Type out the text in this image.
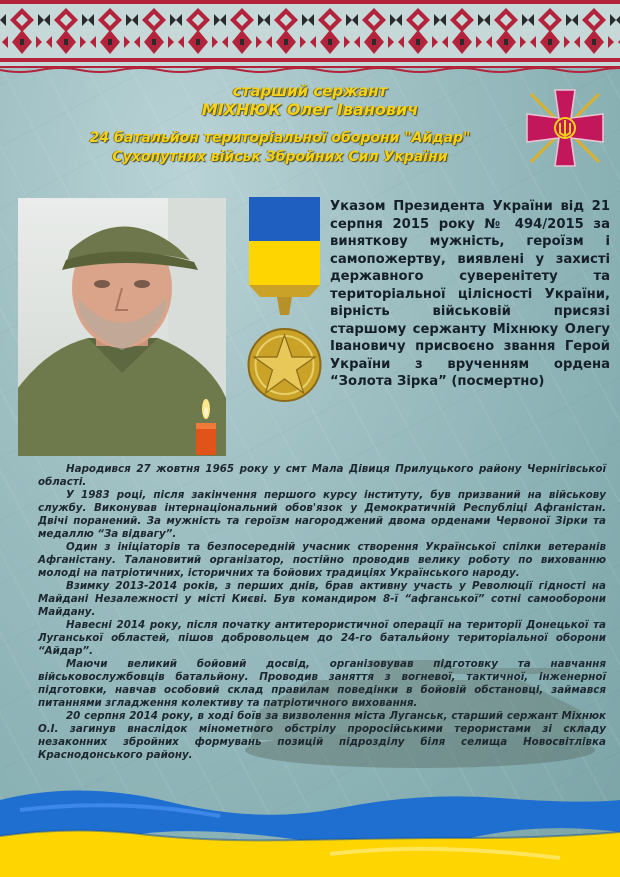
старший сержант
МІХНЮК Олег Іванович
24 батальйон територіальної оборони "Айдар"
Сухопутних військ Збройних Сил України
Указом Президента України від 21 серпня 2015 року № 494/2015 за виняткову мужність, героїзм і самопожертву, виявлені у захисті державного суверенітету та територіальної цілісності України, вірність військовій присязі старшому сержанту Міхнюку Олегу Івановичу присвоєно звання Герой України з врученням ордена “Золота Зірка” (посмертно)

Народився 27 жовтня 1965 року у смт Мала Дівиця Прилуцького району Чернігівської області.

У 1983 році, після закінчення першого курсу інституту, був призваний на військову службу. Виконував інтернаціональний обов'язок у Демократичній Республіці Афганістан. Двічі поранений. За мужність та героїзм нагороджений двома орденами Червоної Зірки та медаллю “За відвагу”.

Один з ініціаторів та безпосередній учасник створення Української спілки ветеранів Афганістану. Талановитий організатор, постійно проводив велику роботу по вихованню молоді на патріотичних, історичних та бойових традиціях Українського народу.

Взимку 2013-2014 років, з перших днів, брав активну участь у Революції гідності на Майдані Незалежності у місті Києві. Був командиром 8-ї “афганської” сотні самооборони Майдану.

Навесні 2014 року, після початку антитерористичної операції на території Донецької та Луганської областей, пішов добровольцем до 24-го батальйону територіальної оборони “Айдар”.

Маючи великий бойовий досвід, організовував підготовку та навчання військовослужбовців батальйону. Проводив заняття з вогневої, тактичної, інженерної підготовки, навчав особовий склад правилам поведінки в бойовій обстановці, займався питаннями згладження колективу та патріотичного виховання.

20 серпня 2014 року, в ході боїв за визволення міста Луганськ, старший сержант Міхнюк О.І. загинув внаслідок мінометного обстрілу проросійськими терористами зі складу незаконних збройних формувань позицій підрозділу біля селища Новосвітлівка Краснодонського району.
